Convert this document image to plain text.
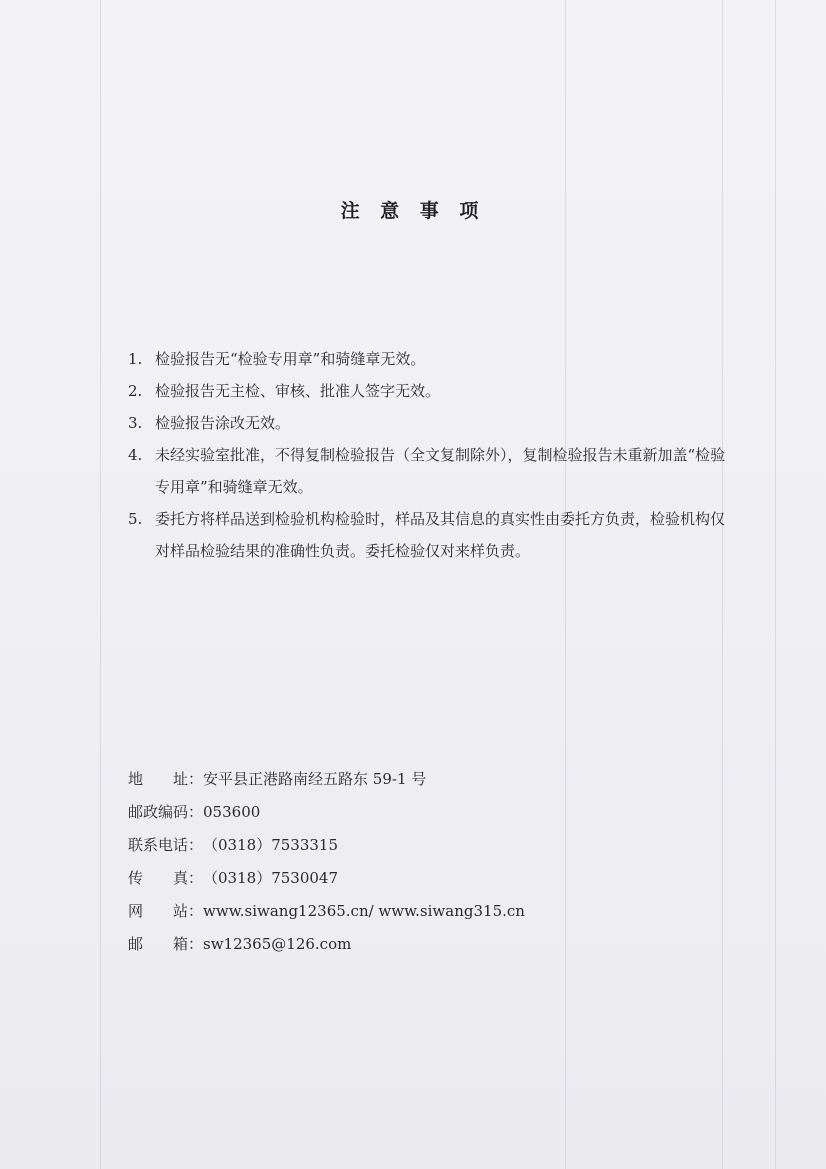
注 意 事 项
1. 检验报告无“检验专用章”和骑缝章无效。
2. 检验报告无主检、审核、批准人签字无效。
3. 检验报告涂改无效。
4. 未经实验室批准，不得复制检验报告（全文复制除外），复制检验报告未重新加盖“检验专用章”和骑缝章无效。
5. 委托方将样品送到检验机构检验时，样品及其信息的真实性由委托方负责，检验机构仅对样品检验结果的准确性负责。委托检验仅对来样负责。
地　　址：安平县正港路南经五路东 59-1 号
邮政编码：053600
联系电话：（0318）7533315
传　　真：（0318）7530047
网　　站：www.siwang12365.cn/ www.siwang315.cn
邮　　箱：sw12365@126.com
